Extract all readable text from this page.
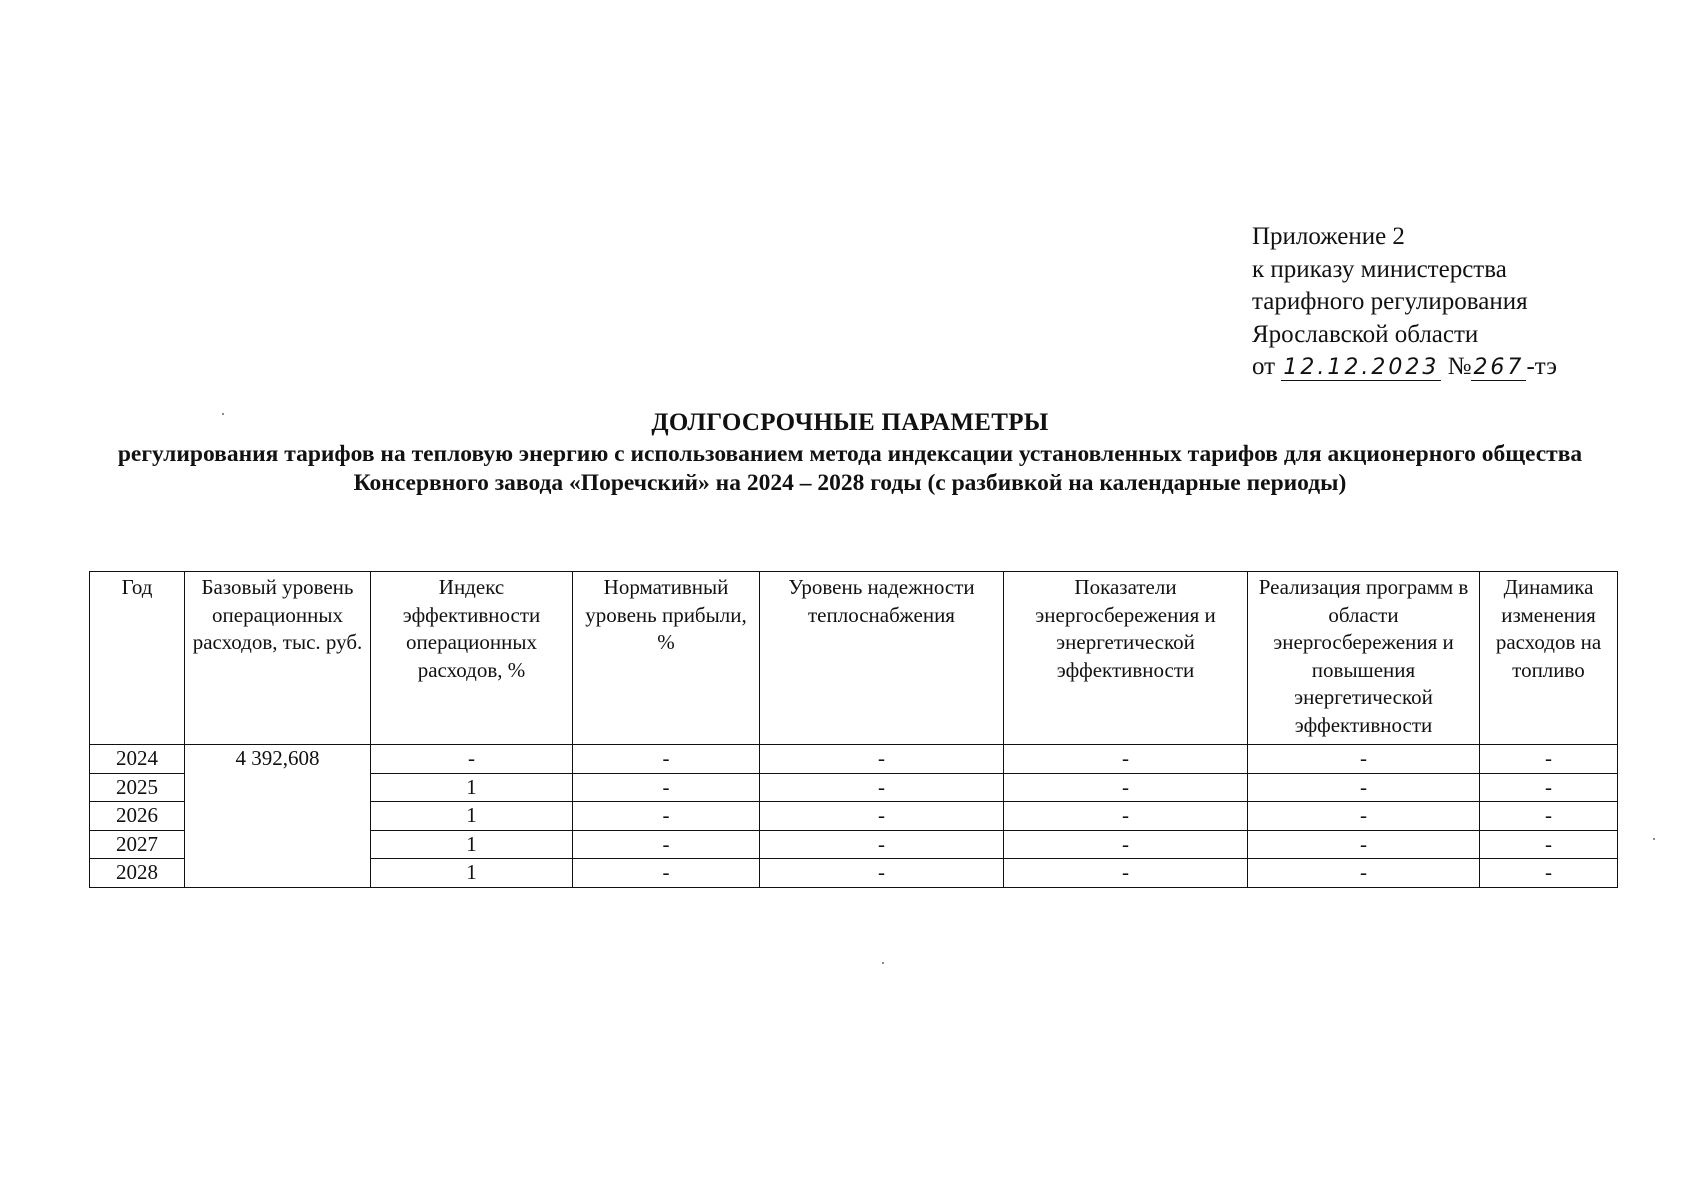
Приложение 2
к приказу министерства
тарифного регулирования
Ярославской области
от 12.12.2023 №267-тэ
ДОЛГОСРОЧНЫЕ ПАРАМЕТРЫ
регулирования тарифов на тепловую энергию с использованием метода индексации установленных тарифов для акционерного общества Консервного завода «Поречский» на 2024 – 2028 годы (с разбивкой на календарные периоды)
Год	Базовый уровень операционных расходов, тыс. руб.	Индекс эффективности операционных расходов, %	Нормативный уровень прибыли, %	Уровень надежности теплоснабжения	Показатели энергосбережения и энергетической эффективности	Реализация программ в области энергосбережения и повышения энергетической эффективности	Динамика изменения расходов на топливо
2024	4 392,608	-	-	-	-	-	-
2025		1	-	-	-	-	-
2026		1	-	-	-	-	-
2027		1	-	-	-	-	-
2028		1	-	-	-	-	-
